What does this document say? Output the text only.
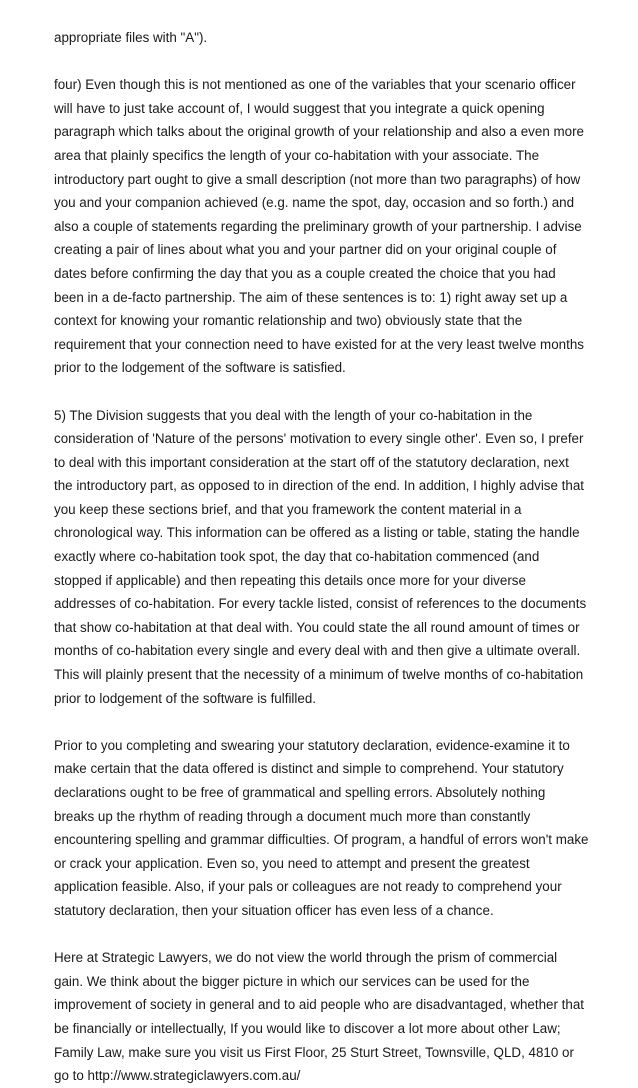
appropriate files with "A").

four) Even though this is not mentioned as one of the variables that your scenario officer will have to just take account of, I would suggest that you integrate a quick opening paragraph which talks about the original growth of your relationship and also a even more area that plainly specifics the length of your co-habitation with your associate. The introductory part ought to give a small description (not more than two paragraphs) of how you and your companion achieved (e.g. name the spot, day, occasion and so forth.) and also a couple of statements regarding the preliminary growth of your partnership. I advise creating a pair of lines about what you and your partner did on your original couple of dates before confirming the day that you as a couple created the choice that you had been in a de-facto partnership. The aim of these sentences is to: 1) right away set up a context for knowing your romantic relationship and two) obviously state that the requirement that your connection need to have existed for at the very least twelve months prior to the lodgement of the software is satisfied.

5) The Division suggests that you deal with the length of your co-habitation in the consideration of 'Nature of the persons' motivation to every single other'. Even so, I prefer to deal with this important consideration at the start off of the statutory declaration, next the introductory part, as opposed to in direction of the end. In addition, I highly advise that you keep these sections brief, and that you framework the content material in a chronological way. This information can be offered as a listing or table, stating the handle exactly where co-habitation took spot, the day that co-habitation commenced (and stopped if applicable) and then repeating this details once more for your diverse addresses of co-habitation. For every tackle listed, consist of references to the documents that show co-habitation at that deal with. You could state the all round amount of times or months of co-habitation every single and every deal with and then give a ultimate overall. This will plainly present that the necessity of a minimum of twelve months of co-habitation prior to lodgement of the software is fulfilled.

Prior to you completing and swearing your statutory declaration, evidence-examine it to make certain that the data offered is distinct and simple to comprehend. Your statutory declarations ought to be free of grammatical and spelling errors. Absolutely nothing breaks up the rhythm of reading through a document much more than constantly encountering spelling and grammar difficulties. Of program, a handful of errors won't make or crack your application. Even so, you need to attempt and present the greatest application feasible. Also, if your pals or colleagues are not ready to comprehend your statutory declaration, then your situation officer has even less of a chance.

Here at Strategic Lawyers, we do not view the world through the prism of commercial gain. We think about the bigger picture in which our services can be used for the improvement of society in general and to aid people who are disadvantaged, whether that be financially or intellectually, If you would like to discover a lot more about other Law; Family Law, make sure you visit us First Floor, 25 Sturt Street, Townsville, QLD, 4810 or go to http://www.strategiclawyers.com.au/
